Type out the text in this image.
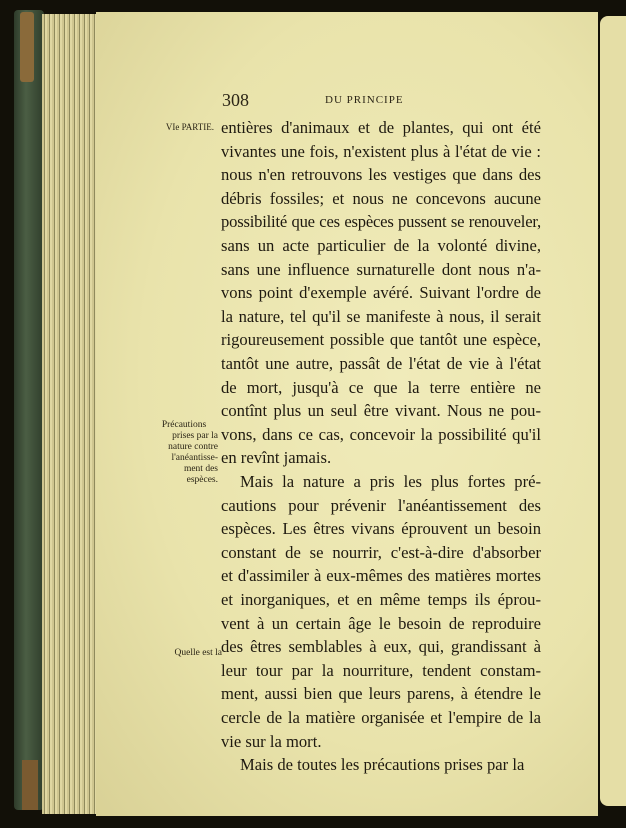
308	DU PRINCIPE
VIe PARTIE.
Précautions
prises par la
nature contre
l'anéantisse-
ment des
espèces.
Quelle est la
entières d'animaux et de plantes, qui ont été
vivantes une fois, n'existent plus à l'état de vie :
nous n'en retrouvons les vestiges que dans des
débris fossiles; et nous ne concevons aucune
possibilité que ces espèces pussent se renouveler,
sans un acte particulier de la volonté divine,
sans une influence surnaturelle dont nous n'a-
vons point d'exemple avéré. Suivant l'ordre de
la nature, tel qu'il se manifeste à nous, il serait
rigoureusement possible que tantôt une espèce,
tantôt une autre, passât de l'état de vie à l'état
de mort, jusqu'à ce que la terre entière ne
contînt plus un seul être vivant. Nous ne pou-
vons, dans ce cas, concevoir la possibilité qu'il
en revînt jamais.
Mais la nature a pris les plus fortes pré-
cautions pour prévenir l'anéantissement des
espèces. Les êtres vivans éprouvent un besoin
constant de se nourrir, c'est-à-dire d'absorber
et d'assimiler à eux-mêmes des matières mortes
et inorganiques, et en même temps ils éprou-
vent à un certain âge le besoin de reproduire
des êtres semblables à eux, qui, grandissant à
leur tour par la nourriture, tendent constam-
ment, aussi bien que leurs parens, à étendre le
cercle de la matière organisée et l'empire de la
vie sur la mort.
Mais de toutes les précautions prises par la
